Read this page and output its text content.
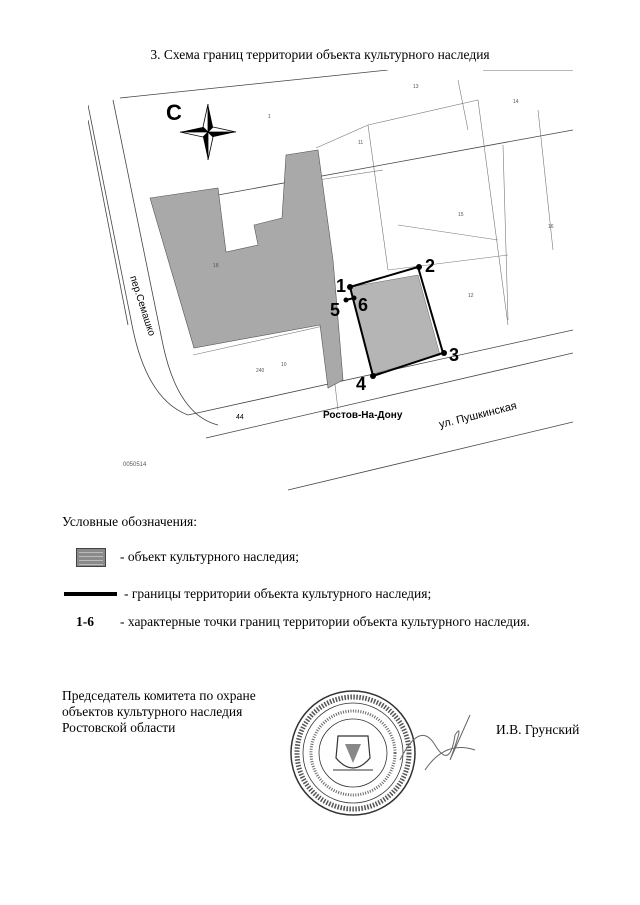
3. Схема границ территории объекта культурного наследия
1
2
3
4
5 6
С
пер.Семашко
ул. Пушкинская
Ростов-На-Дону
13
14
11
12
16
15
18
10
44
240
1
0050514
Условные обозначения:
- объект культурного наследия;
- границы территории объекта культурного наследия;
1-6 - характерные точки границ территории объекта культурного наследия.
Председатель комитета по охране
объектов культурного наследия
Ростовской области	И.В. Грунский
